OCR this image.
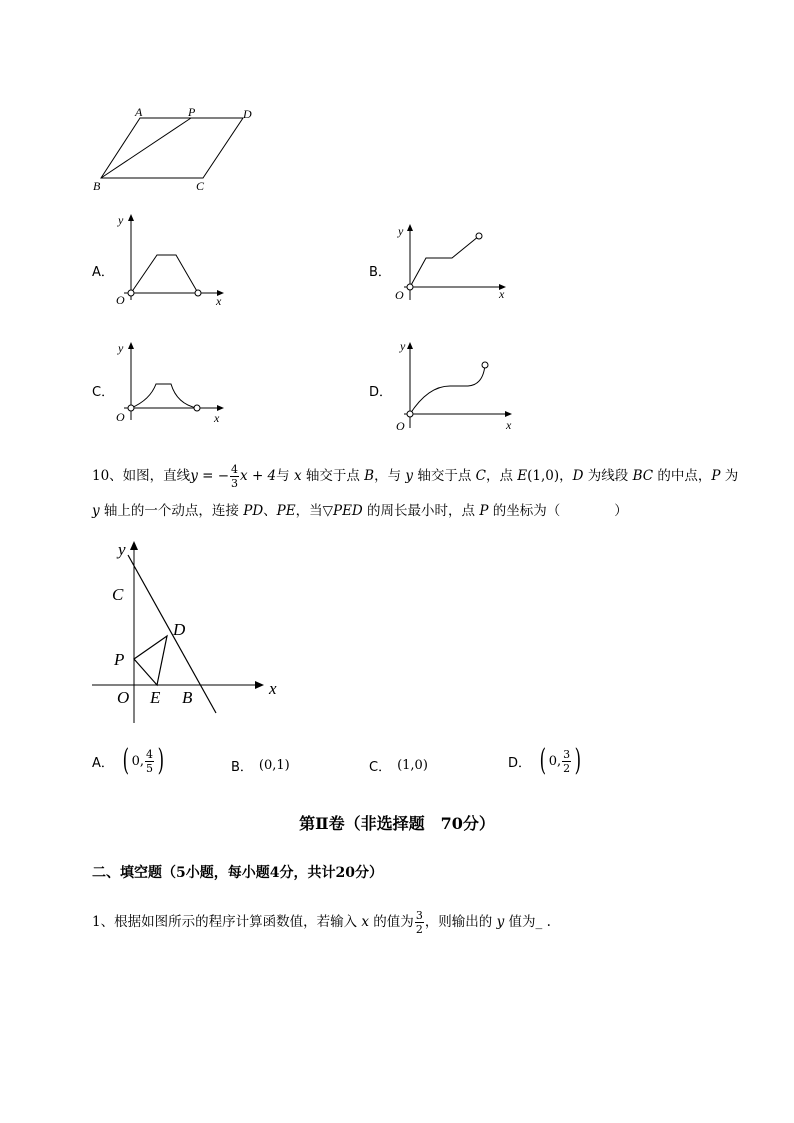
A	P	D
B	C
A．
y
x
O
B．
y
x
O
C．
y
x
O
D．
y
x
O
10、如图，直线y = − $\frac{4}{3}$ x + 4与 x 轴交于点 B，与 y 轴交于点 C，点 E(1,0)，D 为线段 BC 的中点，P 为
y 轴上的一个动点，连接 PD、PE，当▽PED 的周长最小时，点 P 的坐标为（　　　　）
y
C
D
P
O E B	x
A． ( 0, $\frac{4}{5}$ )	B． (0,1)	C． (1,0)	D． ( 0, $\frac{3}{2}$ )
第Ⅱ卷（非选择题　70分）
二、填空题（5小题，每小题4分，共计20分）
1、根据如图所示的程序计算函数值，若输入 x 的值为 $\frac{3}{2}$ ，则输出的 y 值为_ .
